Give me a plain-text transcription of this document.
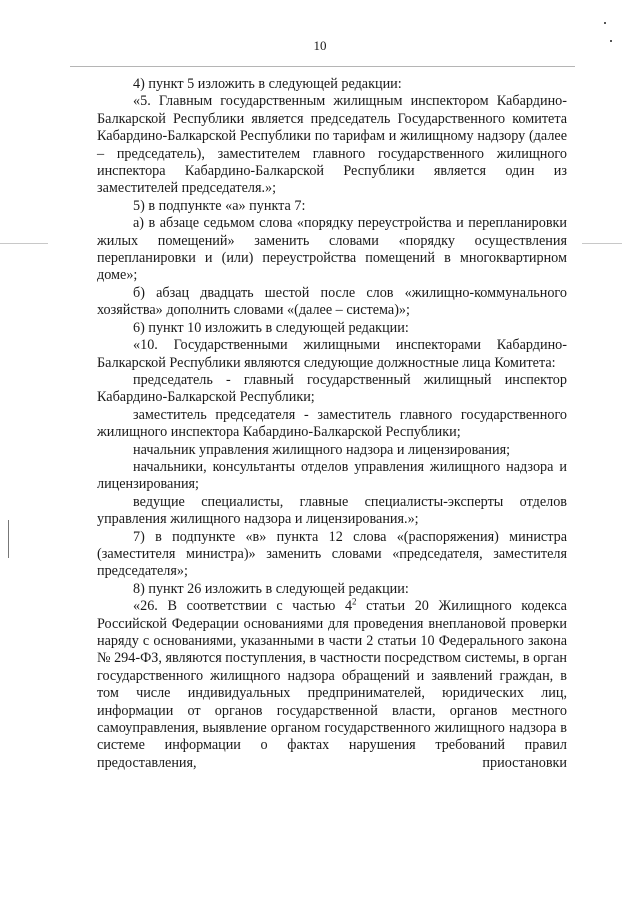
10

4) пункт 5 изложить в следующей редакции:

«5. Главным государственным жилищным инспектором Кабардино-Балкарской Республики является председатель Государственного комитета Кабардино-Балкарской Республики по тарифам и жилищному надзору (далее – председатель), заместителем главного государственного жилищного инспектора Кабардино-Балкарской Республики является один из заместителей председателя.»;

5) в подпункте «а» пункта 7:

а) в абзаце седьмом слова «порядку переустройства и перепланировки жилых помещений» заменить словами «порядку осуществления перепланировки и (или) переустройства помещений в многоквартирном доме»;

б) абзац двадцать шестой после слов «жилищно-коммунального хозяйства» дополнить словами «(далее – система)»;

6) пункт 10 изложить в следующей редакции:

«10. Государственными жилищными инспекторами Кабардино-Балкарской Республики являются следующие должностные лица Комитета:

председатель - главный государственный жилищный инспектор Кабардино-Балкарской Республики;

заместитель председателя - заместитель главного государственного жилищного инспектора Кабардино-Балкарской Республики;

начальник управления жилищного надзора и лицензирования;

начальники, консультанты отделов управления жилищного надзора и лицензирования;

ведущие специалисты, главные специалисты-эксперты отделов управления жилищного надзора и лицензирования.»;

7) в подпункте «в» пункта 12 слова «(распоряжения) министра (заместителя министра)» заменить словами «председателя, заместителя председателя»;

8) пункт 26 изложить в следующей редакции:

«26. В соответствии с частью $4^2$ статьи 20 Жилищного кодекса Российской Федерации основаниями для проведения внеплановой проверки наряду с основаниями, указанными в части 2 статьи 10 Федерального закона № 294-ФЗ, являются поступления, в частности посредством системы, в орган государственного жилищного надзора обращений и заявлений граждан, в том числе индивидуальных предпринимателей, юридических лиц, информации от органов государственной власти, органов местного самоуправления, выявление органом государственного жилищного надзора в системе информации о фактах нарушения требований правил предоставления, приостановки
